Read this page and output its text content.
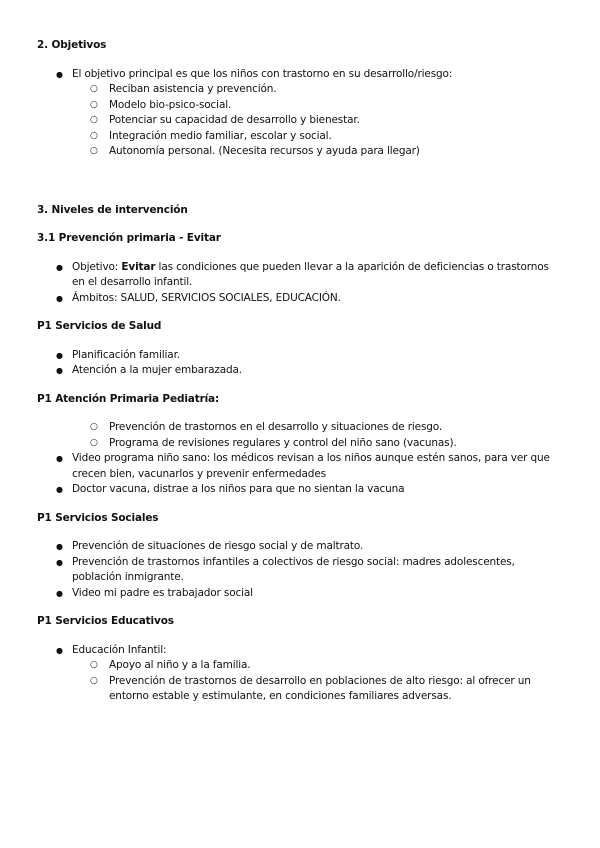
2. Objetivos

● El objetivo principal es que los niños con trastorno en su desarrollo/riesgo:
○ Reciban asistencia y prevención.
○ Modelo bio-psico-social.
○ Potenciar su capacidad de desarrollo y bienestar.
○ Integración medio familiar, escolar y social.
○ Autonomía personal. (Necesita recursos y ayuda para llegar)

3. Niveles de intervención

3.1 Prevención primaria - Evitar

● Objetivo: Evitar las condiciones que pueden llevar a la aparición de deficiencias o trastornos en el desarrollo infantil.
● Ámbitos: SALUD, SERVICIOS SOCIALES, EDUCACIÓN.

P1 Servicios de Salud

● Planificación familiar.
● Atención a la mujer embarazada.

P1 Atención Primaria Pediatría:

○ Prevención de trastornos en el desarrollo y situaciones de riesgo.
○ Programa de revisiones regulares y control del niño sano (vacunas).
● Video programa niño sano: los médicos revisan a los niños aunque estén sanos, para ver que crecen bien, vacunarlos y prevenir enfermedades
● Doctor vacuna, distrae a los niños para que no sientan la vacuna

P1 Servicios Sociales

● Prevención de situaciones de riesgo social y de maltrato.
● Prevención de trastornos infantiles a colectivos de riesgo social: madres adolescentes, población inmigrante.
● Video mi padre es trabajador social

P1 Servicios Educativos

● Educación Infantil:
○ Apoyo al niño y a la familia.
○ Prevención de trastornos de desarrollo en poblaciones de alto riesgo: al ofrecer un entorno estable y estimulante, en condiciones familiares adversas.
